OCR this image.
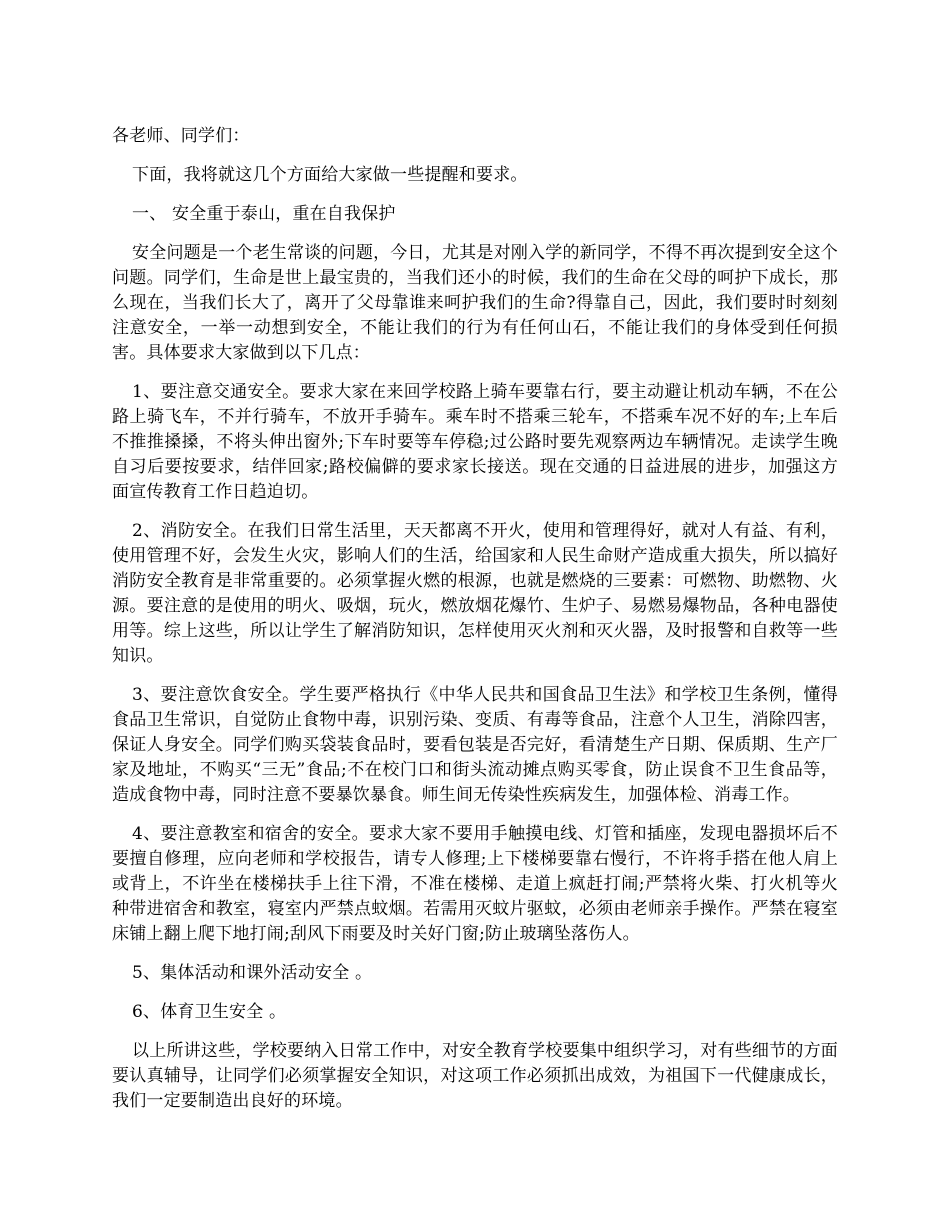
各老师、同学们：

下面，我将就这几个方面给大家做一些提醒和要求。

一、 安全重于泰山，重在自我保护

安全问题是一个老生常谈的问题，今日，尤其是对刚入学的新同学，不得不再次提到安全这个问题。同学们，生命是世上最宝贵的，当我们还小的时候，我们的生命在父母的呵护下成长，那么现在，当我们长大了，离开了父母靠谁来呵护我们的生命?得靠自己，因此，我们要时时刻刻注意安全，一举一动想到安全，不能让我们的行为有任何山石，不能让我们的身体受到任何损害。具体要求大家做到以下几点：

1、要注意交通安全。要求大家在来回学校路上骑车要靠右行，要主动避让机动车辆，不在公路上骑飞车，不并行骑车，不放开手骑车。乘车时不搭乘三轮车，不搭乘车况不好的车;上车后不推推搡搡，不将头伸出窗外;下车时要等车停稳;过公路时要先观察两边车辆情况。走读学生晚自习后要按要求，结伴回家;路校偏僻的要求家长接送。现在交通的日益进展的进步，加强这方面宣传教育工作日趋迫切。

2、消防安全。在我们日常生活里，天天都离不开火，使用和管理得好，就对人有益、有利，使用管理不好，会发生火灾，影响人们的生活，给国家和人民生命财产造成重大损失，所以搞好消防安全教育是非常重要的。必须掌握火燃的根源，也就是燃烧的三要素：可燃物、助燃物、火源。要注意的是使用的明火、吸烟，玩火，燃放烟花爆竹、生炉子、易燃易爆物品，各种电器使用等。综上这些，所以让学生了解消防知识，怎样使用灭火剂和灭火器，及时报警和自救等一些知识。

3、要注意饮食安全。学生要严格执行《中华人民共和国食品卫生法》和学校卫生条例，懂得食品卫生常识，自觉防止食物中毒，识别污染、变质、有毒等食品，注意个人卫生，消除四害，保证人身安全。同学们购买袋装食品时，要看包装是否完好，看清楚生产日期、保质期、生产厂家及地址，不购买“三无”食品;不在校门口和街头流动摊点购买零食，防止误食不卫生食品等，造成食物中毒，同时注意不要暴饮暴食。师生间无传染性疾病发生，加强体检、消毒工作。

4、要注意教室和宿舍的安全。要求大家不要用手触摸电线、灯管和插座，发现电器损坏后不要擅自修理，应向老师和学校报告，请专人修理;上下楼梯要靠右慢行，不许将手搭在他人肩上或背上，不许坐在楼梯扶手上往下滑，不准在楼梯、走道上疯赶打闹;严禁将火柴、打火机等火种带进宿舍和教室，寝室内严禁点蚊烟。若需用灭蚊片驱蚊，必须由老师亲手操作。严禁在寝室床铺上翻上爬下地打闹;刮风下雨要及时关好门窗;防止玻璃坠落伤人。

5、集体活动和课外活动安全 。

6、体育卫生安全 。

以上所讲这些，学校要纳入日常工作中，对安全教育学校要集中组织学习，对有些细节的方面要认真辅导，让同学们必须掌握安全知识，对这项工作必须抓出成效，为祖国下一代健康成长，我们一定要制造出良好的环境。
